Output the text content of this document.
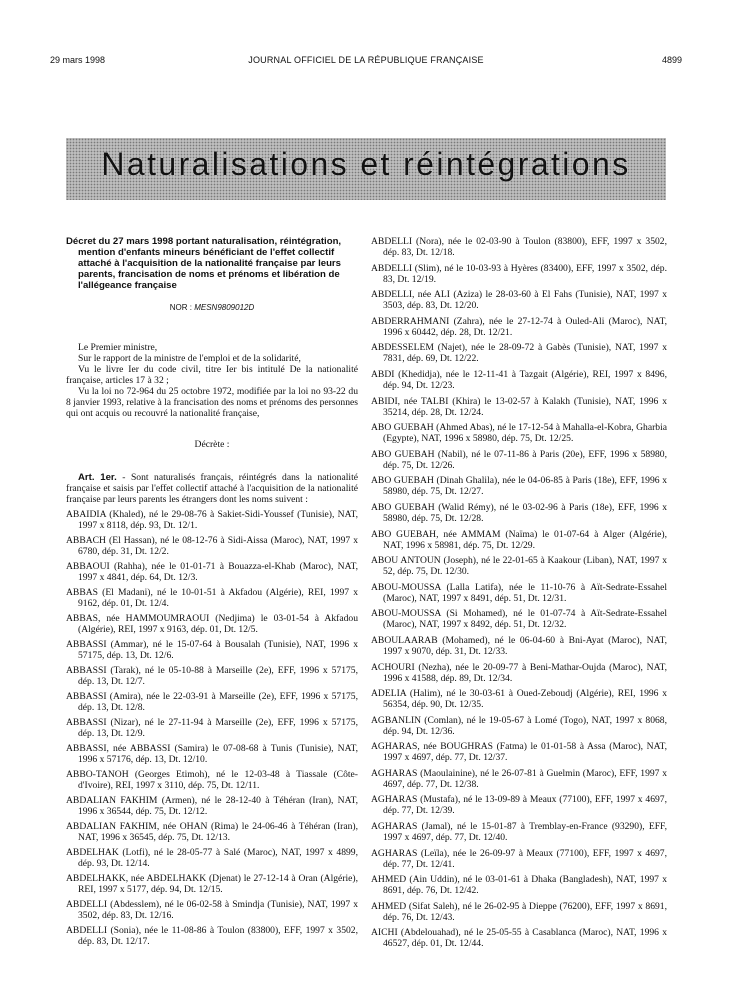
29 mars 1998	JOURNAL OFFICIEL DE LA RÉPUBLIQUE FRANÇAISE	4899
Naturalisations et réintégrations

Décret du 27 mars 1998 portant naturalisation, réintégration, mention d'enfants mineurs bénéficiant de l'effet collectif attaché à l'acquisition de la nationalité française par leurs parents, francisation de noms et prénoms et libération de l'allégeance française

NOR : MESN9809012D

Le Premier ministre,

Sur le rapport de la ministre de l'emploi et de la solidarité,

Vu le livre Ier du code civil, titre Ier bis intitulé De la nationalité française, articles 17 à 32 ;

Vu la loi no 72-964 du 25 octobre 1972, modifiée par la loi no 93-22 du 8 janvier 1993, relative à la francisation des noms et prénoms des personnes qui ont acquis ou recouvré la nationalité française,

Décrète :

Art. 1er. - Sont naturalisés français, réintégrés dans la nationalité française et saisis par l'effet collectif attaché à l'acquisition de la nationalité française par leurs parents les étrangers dont les noms suivent :

ABAIDIA (Khaled), né le 29-08-76 à Sakiet-Sidi-Youssef (Tunisie), NAT, 1997 x 8118, dép. 93, Dt. 12/1.

ABBACH (El Hassan), né le 08-12-76 à Sidi-Aissa (Maroc), NAT, 1997 x 6780, dép. 31, Dt. 12/2.

ABBAOUI (Rahha), née le 01-01-71 à Bouazza-el-Khab (Maroc), NAT, 1997 x 4841, dép. 64, Dt. 12/3.

ABBAS (El Madani), né le 10-01-51 à Akfadou (Algérie), REI, 1997 x 9162, dép. 01, Dt. 12/4.

ABBAS, née HAMMOUMRAOUI (Nedjima) le 03-01-54 à Akfadou (Algérie), REI, 1997 x 9163, dép. 01, Dt. 12/5.

ABBASSI (Ammar), né le 15-07-64 à Bousalah (Tunisie), NAT, 1996 x 57175, dép. 13, Dt. 12/6.

ABBASSI (Tarak), né le 05-10-88 à Marseille (2e), EFF, 1996 x 57175, dép. 13, Dt. 12/7.

ABBASSI (Amira), née le 22-03-91 à Marseille (2e), EFF, 1996 x 57175, dép. 13, Dt. 12/8.

ABBASSI (Nizar), né le 27-11-94 à Marseille (2e), EFF, 1996 x 57175, dép. 13, Dt. 12/9.

ABBASSI, née ABBASSI (Samira) le 07-08-68 à Tunis (Tunisie), NAT, 1996 x 57176, dép. 13, Dt. 12/10.

ABBO-TANOH (Georges Etimoh), né le 12-03-48 à Tiassale (Côte-d'Ivoire), REI, 1997 x 3110, dép. 75, Dt. 12/11.

ABDALIAN FAKHIM (Armen), né le 28-12-40 à Téhéran (Iran), NAT, 1996 x 36544, dép. 75, Dt. 12/12.

ABDALIAN FAKHIM, née OHAN (Rima) le 24-06-46 à Téhéran (Iran), NAT, 1996 x 36545, dép. 75, Dt. 12/13.

ABDELHAK (Lotfi), né le 28-05-77 à Salé (Maroc), NAT, 1997 x 4899, dép. 93, Dt. 12/14.

ABDELHAKK, née ABDELHAKK (Djenat) le 27-12-14 à Oran (Algérie), REI, 1997 x 5177, dép. 94, Dt. 12/15.

ABDELLI (Abdesslem), né le 06-02-58 à Smindja (Tunisie), NAT, 1997 x 3502, dép. 83, Dt. 12/16.

ABDELLI (Sonia), née le 11-08-86 à Toulon (83800), EFF, 1997 x 3502, dép. 83, Dt. 12/17.

ABDELLI (Nora), née le 02-03-90 à Toulon (83800), EFF, 1997 x 3502, dép. 83, Dt. 12/18.

ABDELLI (Slim), né le 10-03-93 à Hyères (83400), EFF, 1997 x 3502, dép. 83, Dt. 12/19.

ABDELLI, née ALI (Aziza) le 28-03-60 à El Fahs (Tunisie), NAT, 1997 x 3503, dép. 83, Dt. 12/20.

ABDERRAHMANI (Zahra), née le 27-12-74 à Ouled-Ali (Maroc), NAT, 1996 x 60442, dép. 28, Dt. 12/21.

ABDESSELEM (Najet), née le 28-09-72 à Gabès (Tunisie), NAT, 1997 x 7831, dép. 69, Dt. 12/22.

ABDI (Khedidja), née le 12-11-41 à Tazgait (Algérie), REI, 1997 x 8496, dép. 94, Dt. 12/23.

ABIDI, née TALBI (Khira) le 13-02-57 à Kalakh (Tunisie), NAT, 1996 x 35214, dép. 28, Dt. 12/24.

ABO GUEBAH (Ahmed Abas), né le 17-12-54 à Mahalla-el-Kobra, Gharbia (Egypte), NAT, 1996 x 58980, dép. 75, Dt. 12/25.

ABO GUEBAH (Nabil), né le 07-11-86 à Paris (20e), EFF, 1996 x 58980, dép. 75, Dt. 12/26.

ABO GUEBAH (Dinah Ghalila), née le 04-06-85 à Paris (18e), EFF, 1996 x 58980, dép. 75, Dt. 12/27.

ABO GUEBAH (Walid Rémy), né le 03-02-96 à Paris (18e), EFF, 1996 x 58980, dép. 75, Dt. 12/28.

ABO GUEBAH, née AMMAM (Naïma) le 01-07-64 à Alger (Algérie), NAT, 1996 x 58981, dép. 75, Dt. 12/29.

ABOU ANTOUN (Joseph), né le 22-01-65 à Kaakour (Liban), NAT, 1997 x 52, dép. 75, Dt. 12/30.

ABOU-MOUSSA (Lalla Latifa), née le 11-10-76 à Aït-Sedrate-Essahel (Maroc), NAT, 1997 x 8491, dép. 51, Dt. 12/31.

ABOU-MOUSSA (Si Mohamed), né le 01-07-74 à Aït-Sedrate-Essahel (Maroc), NAT, 1997 x 8492, dép. 51, Dt. 12/32.

ABOULAARAB (Mohamed), né le 06-04-60 à Bni-Ayat (Maroc), NAT, 1997 x 9070, dép. 31, Dt. 12/33.

ACHOURI (Nezha), née le 20-09-77 à Beni-Mathar-Oujda (Maroc), NAT, 1996 x 41588, dép. 89, Dt. 12/34.

ADELIA (Halim), né le 30-03-61 à Oued-Zeboudj (Algérie), REI, 1996 x 56354, dép. 90, Dt. 12/35.

AGBANLIN (Comlan), né le 19-05-67 à Lomé (Togo), NAT, 1997 x 8068, dép. 94, Dt. 12/36.

AGHARAS, née BOUGHRAS (Fatma) le 01-01-58 à Assa (Maroc), NAT, 1997 x 4697, dép. 77, Dt. 12/37.

AGHARAS (Maoulainine), né le 26-07-81 à Guelmin (Maroc), EFF, 1997 x 4697, dép. 77, Dt. 12/38.

AGHARAS (Mustafa), né le 13-09-89 à Meaux (77100), EFF, 1997 x 4697, dép. 77, Dt. 12/39.

AGHARAS (Jamal), né le 15-01-87 à Tremblay-en-France (93290), EFF, 1997 x 4697, dép. 77, Dt. 12/40.

AGHARAS (Leïla), née le 26-09-97 à Meaux (77100), EFF, 1997 x 4697, dép. 77, Dt. 12/41.

AHMED (Ain Uddin), né le 03-01-61 à Dhaka (Bangladesh), NAT, 1997 x 8691, dép. 76, Dt. 12/42.

AHMED (Sifat Saleh), né le 26-02-95 à Dieppe (76200), EFF, 1997 x 8691, dép. 76, Dt. 12/43.

AICHI (Abdelouahad), né le 25-05-55 à Casablanca (Maroc), NAT, 1996 x 46527, dép. 01, Dt. 12/44.
